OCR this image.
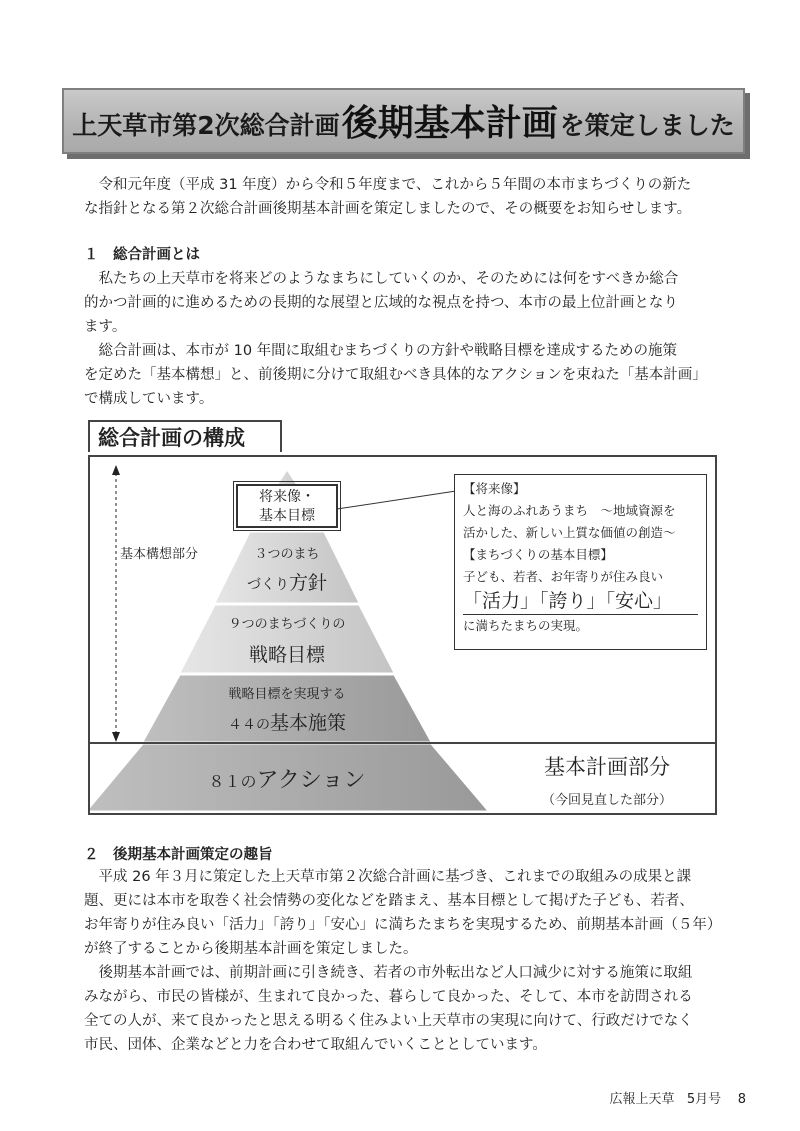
上天草市第2次総合計画 後期基本計画 を策定しました
令和元年度（平成 31 年度）から令和５年度まで、これから５年間の本市まちづくりの新た
な指針となる第２次総合計画後期基本計画を策定しましたので、その概要をお知らせします。
１　総合計画とは
私たちの上天草市を将来どのようなまちにしていくのか、そのためには何をすべきか総合
的かつ計画的に進めるための長期的な展望と広域的な視点を持つ、本市の最上位計画となり
ます。
総合計画は、本市が 10 年間に取組むまちづくりの方針や戦略目標を達成するための施策
を定めた「基本構想」と、前後期に分けて取組むべき具体的なアクションを束ねた「基本計画」
で構成しています。
総合計画の構成
基本構想部分
将来像・
基本目標
３つのまち
づくり方針
９つのまちづくりの
戦略目標
戦略目標を実現する
４４の基本施策
８１のアクション
基本計画部分
（今回見直した部分）
【将来像】
人と海のふれあうまち　〜地域資源を
活かした、新しい上質な価値の創造〜
【まちづくりの基本目標】
子ども、若者、お年寄りが住み良い
「活力」「誇り」「安心」
に満ちたまちの実現。
２　後期基本計画策定の趣旨
平成 26 年３月に策定した上天草市第２次総合計画に基づき、これまでの取組みの成果と課
題、更には本市を取巻く社会情勢の変化などを踏まえ、基本目標として掲げた子ども、若者、
お年寄りが住み良い「活力」「誇り」「安心」に満ちたまちを実現するため、前期基本計画（５年）
が終了することから後期基本計画を策定しました。
後期基本計画では、前期計画に引き続き、若者の市外転出など人口減少に対する施策に取組
みながら、市民の皆様が、生まれて良かった、暮らして良かった、そして、本市を訪問される
全ての人が、来て良かったと思える明るく住みよい上天草市の実現に向けて、行政だけでなく
市民、団体、企業などと力を合わせて取組んでいくこととしています。
広報上天草 5月号 8
